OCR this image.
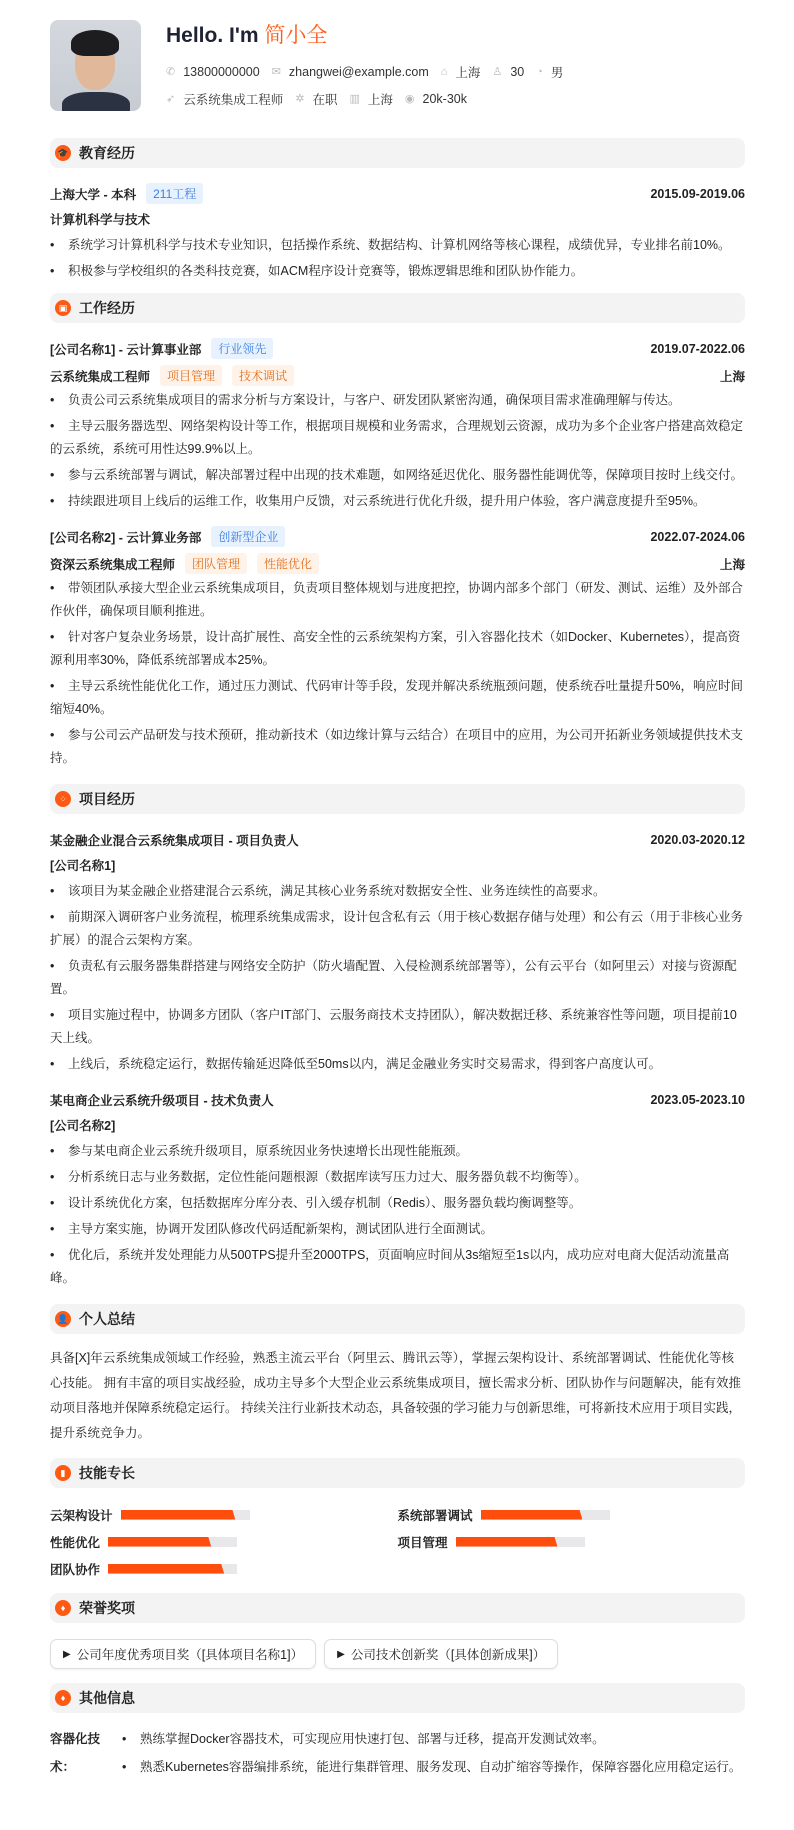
Hello. I'm 简小全
✆ 13800000000 ✉ zhangwei@example.com ⌂ 上海 ♙ 30 ◔ 男
➶ 云系统集成工程师 ✲ 在职 ▥ 上海 ◉ 20k-30k
🎓 教育经历
上海大学 - 本科	211工程	2015.09-2019.06
计算机科学与技术
• 系统学习计算机科学与技术专业知识，包括操作系统、数据结构、计算机网络等核心课程，成绩优异，专业排名前10%。
• 积极参与学校组织的各类科技竞赛，如ACM程序设计竞赛等，锻炼逻辑思维和团队协作能力。
▣ 工作经历
[公司名称1] - 云计算事业部	行业领先	2019.07-2022.06
云系统集成工程师	项目管理	技术调试	上海
• 负责公司云系统集成项目的需求分析与方案设计，与客户、研发团队紧密沟通，确保项目需求准确理解与传达。
• 主导云服务器选型、网络架构设计等工作，根据项目规模和业务需求，合理规划云资源，成功为多个企业客户搭建高效稳定的云系统，系统可用性达99.9%以上。
• 参与云系统部署与调试，解决部署过程中出现的技术难题，如网络延迟优化、服务器性能调优等，保障项目按时上线交付。
• 持续跟进项目上线后的运维工作，收集用户反馈，对云系统进行优化升级，提升用户体验，客户满意度提升至95%。
[公司名称2] - 云计算业务部	创新型企业	2022.07-2024.06
资深云系统集成工程师	团队管理	性能优化	上海
• 带领团队承接大型企业云系统集成项目，负责项目整体规划与进度把控，协调内部多个部门（研发、测试、运维）及外部合作伙伴，确保项目顺利推进。
• 针对客户复杂业务场景，设计高扩展性、高安全性的云系统架构方案，引入容器化技术（如Docker、Kubernetes），提高资源利用率30%，降低系统部署成本25%。
• 主导云系统性能优化工作，通过压力测试、代码审计等手段，发现并解决系统瓶颈问题，使系统吞吐量提升50%，响应时间缩短40%。
• 参与公司云产品研发与技术预研，推动新技术（如边缘计算与云结合）在项目中的应用，为公司开拓新业务领域提供技术支持。
⁘ 项目经历
某金融企业混合云系统集成项目 - 项目负责人	2020.03-2020.12
[公司名称1]
• 该项目为某金融企业搭建混合云系统，满足其核心业务系统对数据安全性、业务连续性的高要求。
• 前期深入调研客户业务流程，梳理系统集成需求，设计包含私有云（用于核心数据存储与处理）和公有云（用于非核心业务扩展）的混合云架构方案。
• 负责私有云服务器集群搭建与网络安全防护（防火墙配置、入侵检测系统部署等），公有云平台（如阿里云）对接与资源配置。
• 项目实施过程中，协调多方团队（客户IT部门、云服务商技术支持团队），解决数据迁移、系统兼容性等问题，项目提前10天上线。
• 上线后，系统稳定运行，数据传输延迟降低至50ms以内，满足金融业务实时交易需求，得到客户高度认可。
某电商企业云系统升级项目 - 技术负责人	2023.05-2023.10
[公司名称2]
• 参与某电商企业云系统升级项目，原系统因业务快速增长出现性能瓶颈。
• 分析系统日志与业务数据，定位性能问题根源（数据库读写压力过大、服务器负载不均衡等）。
• 设计系统优化方案，包括数据库分库分表、引入缓存机制（Redis）、服务器负载均衡调整等。
• 主导方案实施，协调开发团队修改代码适配新架构，测试团队进行全面测试。
• 优化后，系统并发处理能力从500TPS提升至2000TPS，页面响应时间从3s缩短至1s以内，成功应对电商大促活动流量高峰。
👤 个人总结
具备[X]年云系统集成领域工作经验，熟悉主流云平台（阿里云、腾讯云等），掌握云架构设计、系统部署调试、性能优化等核心技能。 拥有丰富的项目实战经验，成功主导多个大型企业云系统集成项目，擅长需求分析、团队协作与问题解决，能有效推动项目落地并保障系统稳定运行。 持续关注行业新技术动态，具备较强的学习能力与创新思维，可将新技术应用于项目实践，提升系统竞争力。
▮ 技能专长
云架构设计	系统部署调试
性能优化	项目管理
团队协作
♦ 荣誉奖项
▶ 公司年度优秀项目奖（[具体项目名称1]）	▶ 公司技术创新奖（[具体创新成果]）
♦ 其他信息
容器化技术：
• 熟练掌握Docker容器技术，可实现应用快速打包、部署与迁移，提高开发测试效率。
• 熟悉Kubernetes容器编排系统，能进行集群管理、服务发现、自动扩缩容等操作，保障容器化应用稳定运行。
